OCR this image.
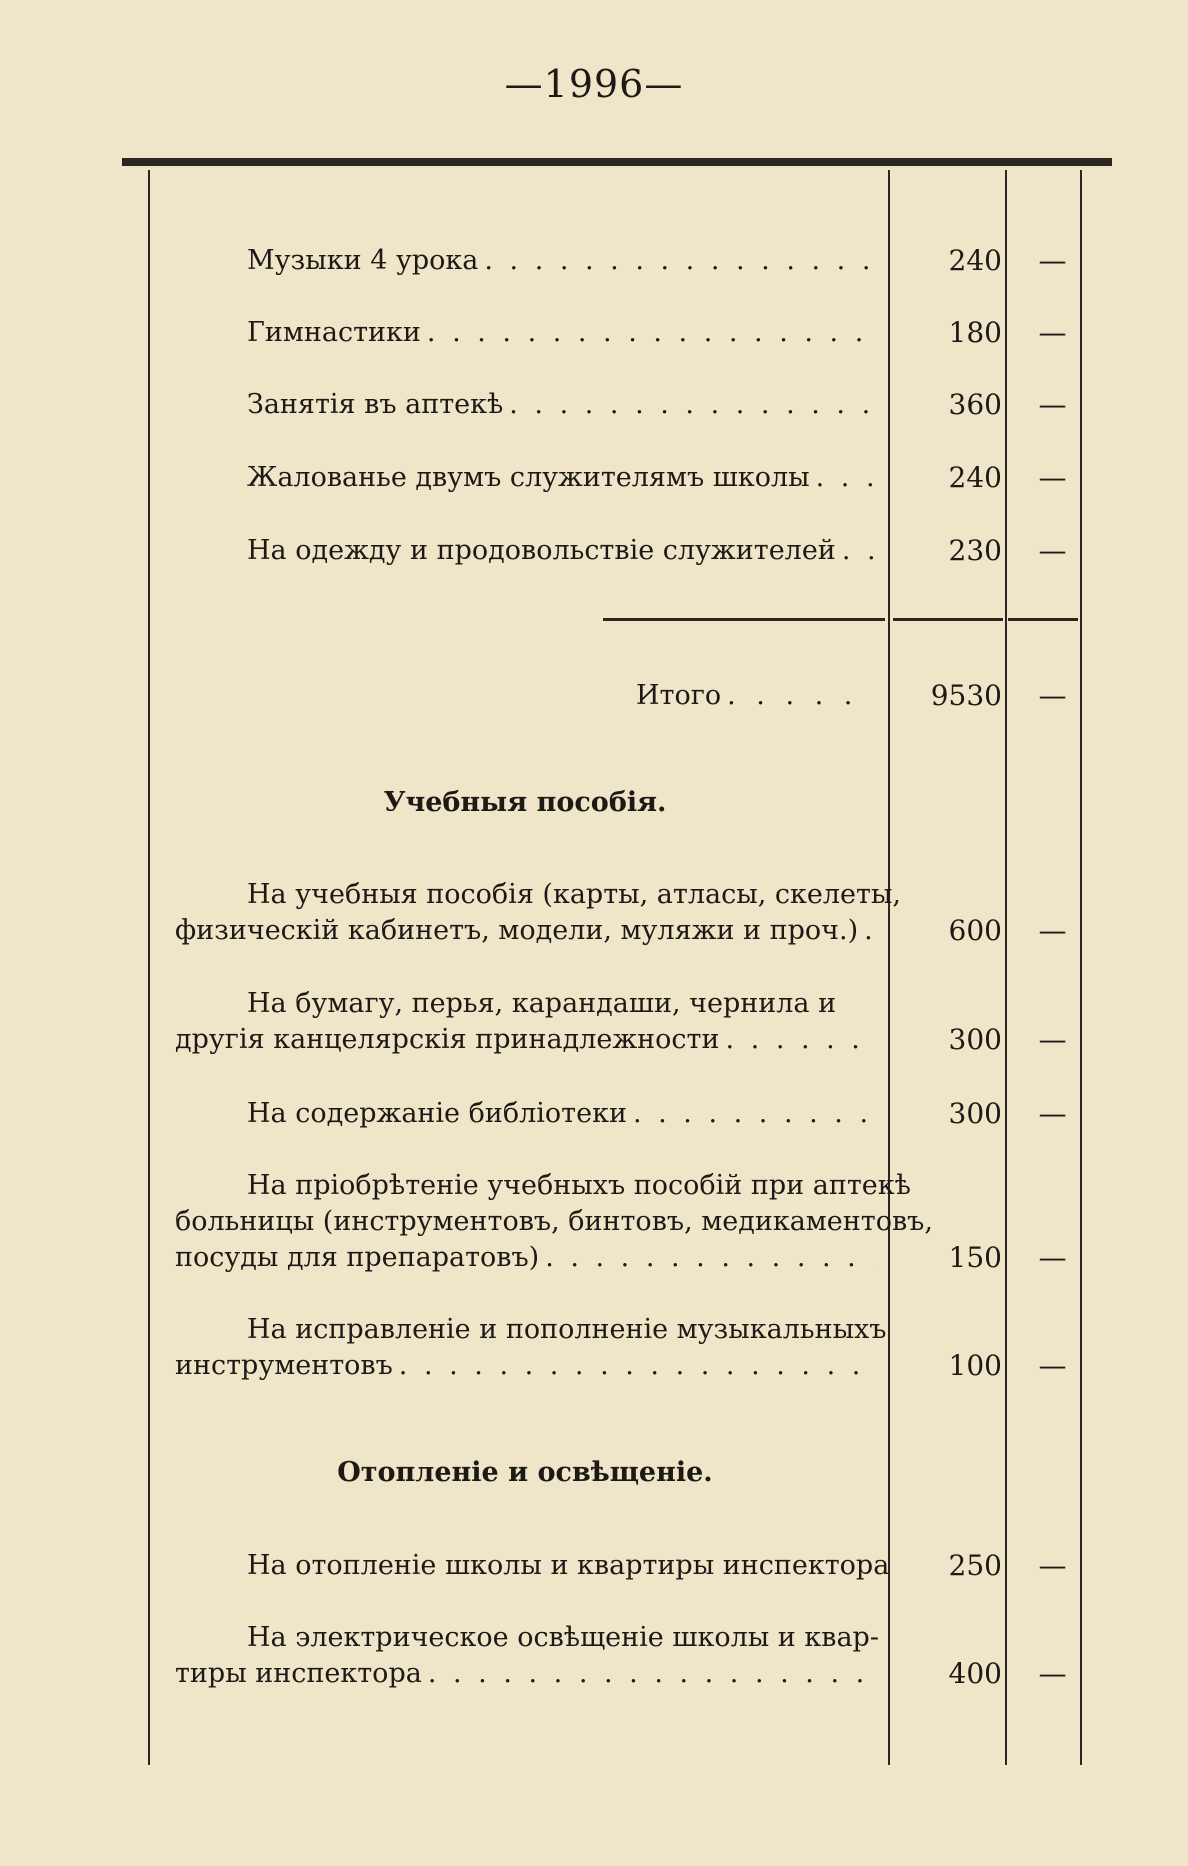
—1996—
Музыки 4 урока . . .	240	—
Гимнастики . . .	180	—
Занятія въ аптекѣ . . .	360	—
Жалованье двумъ служителямъ школы . . .	240	—
На одежду и продовольствіе служителей . . .	230	—
Итого . . .	9530	—
Учебныя пособія.
На учебныя пособія (карты, атласы, скелеты,
физическій кабинетъ, модели, муляжи и проч.) . . .	600	—
На бумагу, перья, карандаши, чернила и
другія канцелярскія принадлежности . . .	300	—
На содержаніе библіотеки . . .	300	—
На пріобрѣтеніе учебныхъ пособій при аптекѣ
больницы (инструментовъ, бинтовъ, медикаментовъ,
посуды для препаратовъ) . . .	150	—
На исправленіе и пополненіе музыкальныхъ
инструментовъ . . .	100	—
Отопленіе и освѣщеніе.
На отопленіе школы и квартиры инспектора	250	—
На электрическое освѣщеніе школы и квар-
тиры инспектора . . .	400	—
